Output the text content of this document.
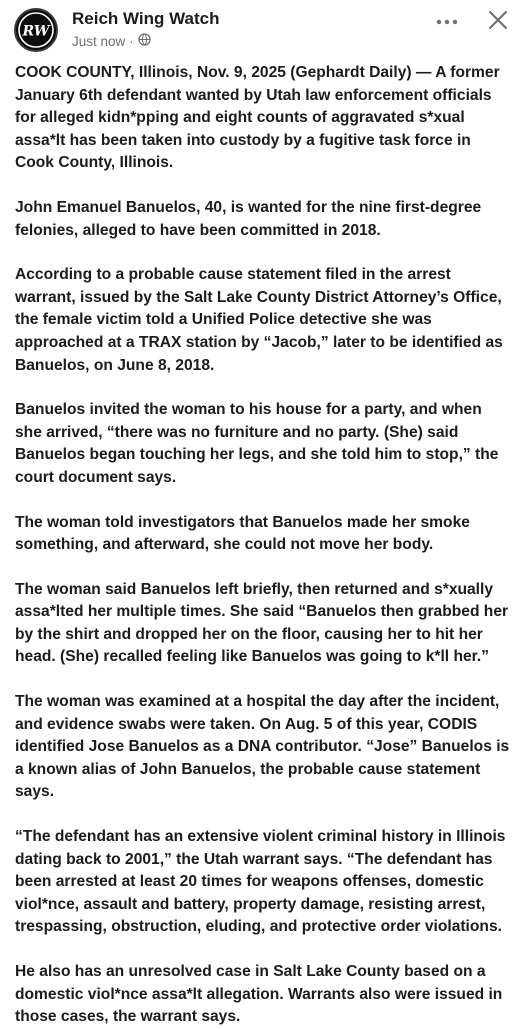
RW
Reich Wing Watch
Just now ·

COOK COUNTY, Illinois, Nov. 9, 2025 (Gephardt Daily) — A former January 6th defendant wanted by Utah law enforcement officials for alleged kidn*pping and eight counts of aggravated s*xual assa*lt has been taken into custody by a fugitive task force in Cook County, Illinois.

John Emanuel Banuelos, 40, is wanted for the nine first-degree felonies, alleged to have been committed in 2018.

According to a probable cause statement filed in the arrest warrant, issued by the Salt Lake County District Attorney’s Office, the female victim told a Unified Police detective she was approached at a TRAX station by “Jacob,” later to be identified as Banuelos, on June 8, 2018.

Banuelos invited the woman to his house for a party, and when she arrived, “there was no furniture and no party. (She) said Banuelos began touching her legs, and she told him to stop,” the court document says.

The woman told investigators that Banuelos made her smoke something, and afterward, she could not move her body.

The woman said Banuelos left briefly, then returned and s*xually assa*lted her multiple times. She said “Banuelos then grabbed her by the shirt and dropped her on the floor, causing her to hit her head. (She) recalled feeling like Banuelos was going to k*ll her.”

The woman was examined at a hospital the day after the incident, and evidence swabs were taken. On Aug. 5 of this year, CODIS identified Jose Banuelos as a DNA contributor. “Jose” Banuelos is a known alias of John Banuelos, the probable cause statement says.

“The defendant has an extensive violent criminal history in Illinois dating back to 2001,” the Utah warrant says. “The defendant has been arrested at least 20 times for weapons offenses, domestic viol*nce, assault and battery, property damage, resisting arrest, trespassing, obstruction, eluding, and protective order violations.

He also has an unresolved case in Salt Lake County based on a domestic viol*nce assa*lt allegation. Warrants also were issued in those cases, the warrant says.
